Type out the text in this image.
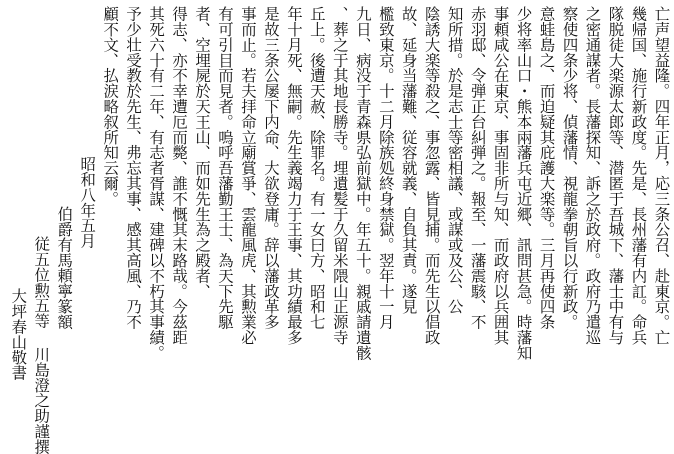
亡声望益隆。四年正月，応三条公召、赴東京。亡
幾帰国、施行新政度。先是、長州藩有内訌。命兵
隊脱徒大楽源太郎等、潜匿于吾城下、藩士中有与
之密通謀者。長藩探知、訴之於政府。政府乃遣巡
察使四条少将、偵藩情、視龍拳朝旨以行新政。
意蛙島之、而迫疑其庇護大楽等。三月再使四条
少将率山口・熊本兩藩兵屯近郷、訊問甚急。時藩知
事頼咸公在東京、事固非所与知、而政府以兵囲其
赤羽邸、令弾正台糾弾之。報至、一藩震駭、不
知所措。於是志士等密相議、或謀或及公、公
陰誘大楽等殺之、事忽露、皆見捕。而先生以倡政
故、延身当藩難、従容就義、自負其責。遂見
檻致東京。十二月除族処終身禁獄。翌年十一月
九日、病没于青森県弘前獄中。年五十。親戚請遺骸
、葬之于其地長勝寺。埋遺髪于久留米隈山正源寺
丘上。後遭天赦、除罪名。有一女曰方、昭和七
年十月死、無嗣。先生義竭力于王事、其功績最多
是故三条公屡下内命、大欲登庸。辞以藩政革多
事而止。若夫拝命立廟賞爭、雲龍風虎、其勲業必
有可引目而見者。嗚呼吾藩勤王士、為天下先駆
者、空埋屍於天王山、而如先生為之殿者、
得志、亦不幸遭厄而斃、誰不慨其末路哉。今茲距
其死六十有二年、有志者胥謀、建碑以不朽其事績。
予少壮受教於先生、弗忘其事、感其高風、乃不
顧不文、払涙略叙所知云爾。
昭和八年五月
伯爵有馬頼寧篆額
従五位勲五等 川島澄之助謹撰
大坪春山敬書
